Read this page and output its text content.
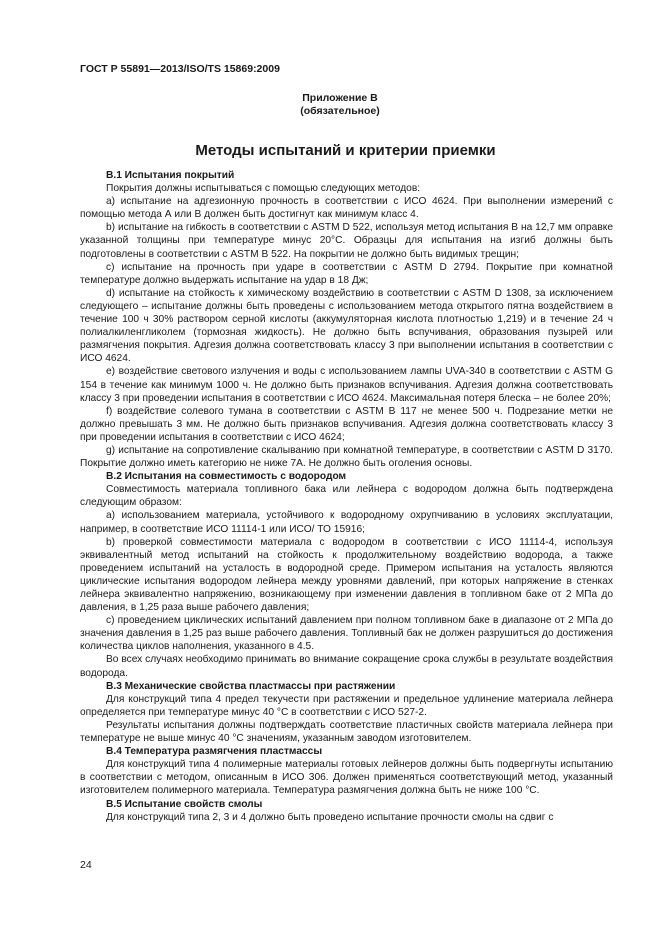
ГОСТ Р 55891—2013/ISO/TS 15869:2009
Приложение В
(обязательное)
Методы испытаний и критерии приемки
В.1 Испытания покрытий

Покрытия должны испытываться с помощью следующих методов:

a) испытание на адгезионную прочность в соответствии с ИСО 4624. При выполнении измерений с помощью метода А или В должен быть достигнут как минимум класс 4.

b) испытание на гибкость в соответствии с ASTM D 522, используя метод испытания В на 12,7 мм оправке указанной толщины при температуре минус 20°C. Образцы для испытания на изгиб должны быть подготовлены в соответствии с ASTM В 522. На покрытии не должно быть видимых трещин;

c) испытание на прочность при ударе в соответствии с ASTM D 2794. Покрытие при комнатной температуре должно выдержать испытание на удар в 18 Дж;

d) испытание на стойкость к химическому воздействию в соответствии с ASTM D 1308, за исключением следующего – испытание должны быть проведены с использованием метода открытого пятна воздействием в течение 100 ч 30% раствором серной кислоты (аккумуляторная кислота плотностью 1,219) и в течение 24 ч полиалкиленгликолем (тормозная жидкость). Не должно быть вспучивания, образования пузырей или размягчения покрытия. Адгезия должна соответствовать классу 3 при выполнении испытания в соответствии с ИСО 4624.

e) воздействие светового излучения и воды с использованием лампы UVA-340 в соответствии с ASTM G 154 в течение как минимум 1000 ч. Не должно быть признаков вспучивания. Адгезия должна соответствовать классу 3 при проведении испытания в соответствии с ИСО 4624. Максимальная потеря блеска – не более 20%;

f) воздействие солевого тумана в соответствии с ASTM В 117 не менее 500 ч. Подрезание метки не должно превышать 3 мм. Не должно быть признаков вспучивания. Адгезия должна соответствовать классу 3 при проведении испытания в соответствии с ИСО 4624;

g) испытание на сопротивление скалыванию при комнатной температуре, в соответствии с ASTM D 3170. Покрытие должно иметь категорию не ниже 7А. Не должно быть оголения основы.

В.2 Испытания на совместимость с водородом

Совместимость материала топливного бака или лейнера с водородом должна быть подтверждена следующим образом:

a) использованием материала, устойчивого к водородному охрупчиванию в условиях эксплуатации, например, в соответствие ИСО 11114-1 или ИСО/ ТО 15916;

b) проверкой совместимости материала с водородом в соответствии с ИСО 11114-4, используя эквивалентный метод испытаний на стойкость к продолжительному воздействию водорода, а также проведением испытаний на усталость в водородной среде. Примером испытания на усталость являются циклические испытания водородом лейнера между уровнями давлений, при которых напряжение в стенках лейнера эквивалентно напряжению, возникающему при изменении давления в топливном баке от 2 МПа до давления, в 1,25 раза выше рабочего давления;

c) проведением циклических испытаний давлением при полном топливном баке в диапазоне от 2 МПа до значения давления в 1,25 раз выше рабочего давления. Топливный бак не должен разрушиться до достижения количества циклов наполнения, указанного в 4.5.

Во всех случаях необходимо принимать во внимание сокращение срока службы в результате воздействия водорода.

В.3 Механические свойства пластмассы при растяжении

Для конструкций типа 4 предел текучести при растяжении и предельное удлинение материала лейнера определяется при температуре минус 40 °C в соответствии с ИСО 527-2.

Результаты испытания должны подтверждать соответствие пластичных свойств материала лейнера при температуре не выше минус 40 °C значениям, указанным заводом изготовителем.

В.4 Температура размягчения пластмассы

Для конструкций типа 4 полимерные материалы готовых лейнеров должны быть подвергнуты испытанию в соответствии с методом, описанным в ИСО 306. Должен применяться соответствующий метод, указанный изготовителем полимерного материала. Температура размягчения должна быть не ниже 100 °C.

В.5 Испытание свойств смолы

Для конструкций типа 2, 3 и 4 должно быть проведено испытание прочности смолы на сдвиг с

24
